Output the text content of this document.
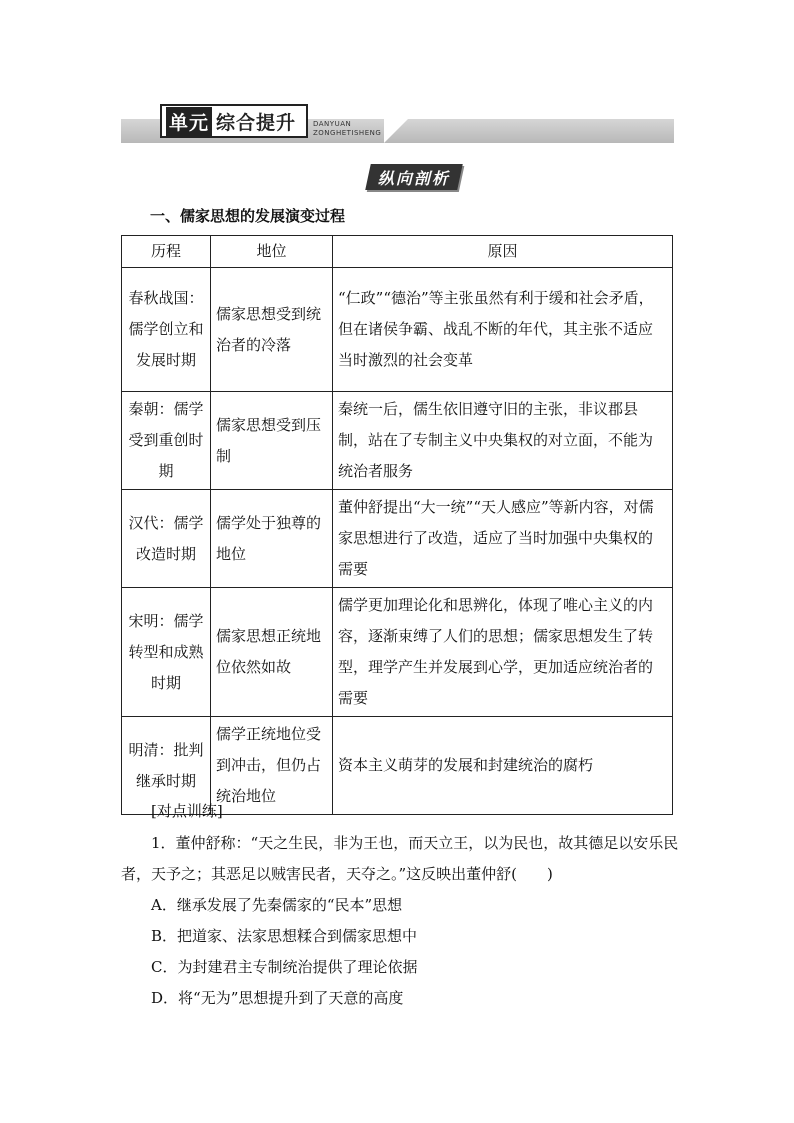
单元 综合提升 DANYUAN
ZONGHETISHENG
纵向剖析
一、儒家思想的发展演变过程
历程	地位	原因
春秋战国：儒学创立和发展时期	儒家思想受到统治者的冷落	“仁政”“德治”等主张虽然有利于缓和社会矛盾，但在诸侯争霸、战乱不断的年代，其主张不适应当时激烈的社会变革
秦朝：儒学受到重创时期	儒家思想受到压制	秦统一后，儒生依旧遵守旧的主张，非议郡县制，站在了专制主义中央集权的对立面，不能为统治者服务
汉代：儒学改造时期	儒学处于独尊的地位	董仲舒提出“大一统”“天人感应”等新内容，对儒家思想进行了改造，适应了当时加强中央集权的需要
宋明：儒学转型和成熟时期	儒家思想正统地位依然如故	儒学更加理论化和思辨化，体现了唯心主义的内容，逐渐束缚了人们的思想；儒家思想发生了转型，理学产生并发展到心学，更加适应统治者的需要
明清：批判继承时期	儒学正统地位受到冲击，但仍占统治地位	资本主义萌芽的发展和封建统治的腐朽
[对点训练]

1．董仲舒称：“天之生民，非为王也，而天立王，以为民也，故其德足以安乐民者，天予之；其恶足以贼害民者，天夺之。”这反映出董仲舒(　　)

A．继承发展了先秦儒家的“民本”思想

B．把道家、法家思想糅合到儒家思想中

C．为封建君主专制统治提供了理论依据

D．将“无为”思想提升到了天意的高度
